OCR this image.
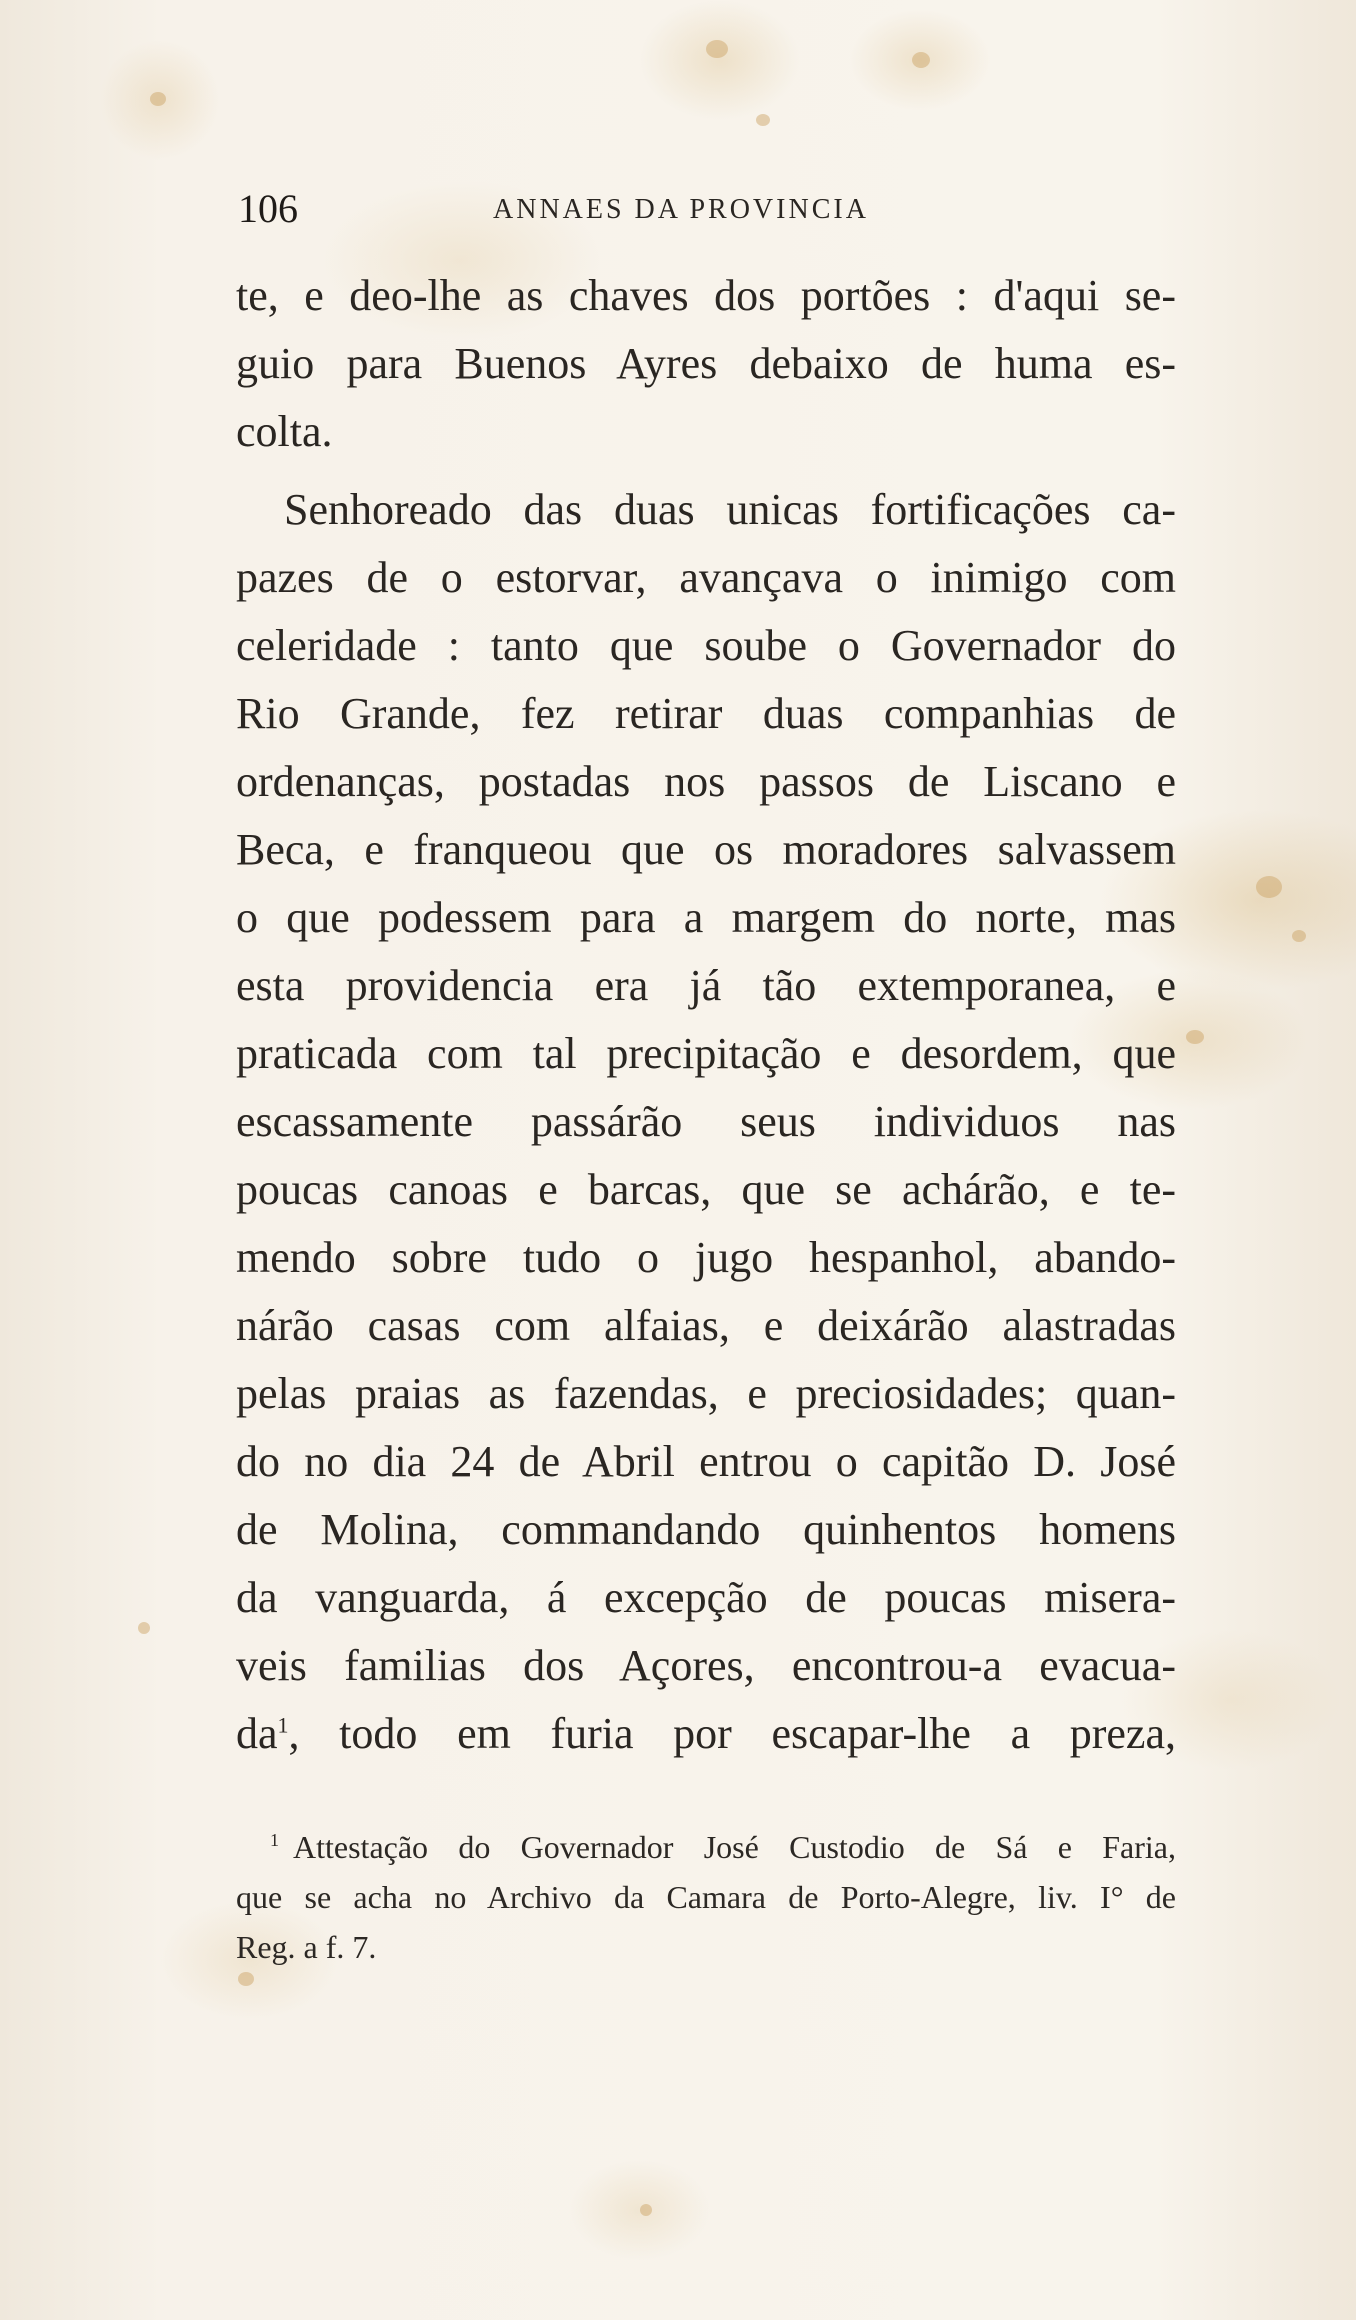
106	ANNAES DA PROVINCIA
te, e deo-lhe as chaves dos portões : d'aqui se-
guio para Buenos Ayres debaixo de huma es-
colta.
Senhoreado das duas unicas fortificações ca-
pazes de o estorvar, avançava o inimigo com
celeridade : tanto que soube o Governador do
Rio Grande, fez retirar duas companhias de
ordenanças, postadas nos passos de Liscano e
Beca, e franqueou que os moradores salvassem
o que podessem para a margem do norte, mas
esta providencia era já tão extemporanea, e
praticada com tal precipitação e desordem, que
escassamente passárão seus individuos nas
poucas canoas e barcas, que se achárão, e te-
mendo sobre tudo o jugo hespanhol, abando-
nárão casas com alfaias, e deixárão alastradas
pelas praias as fazendas, e preciosidades; quan-
do no dia 24 de Abril entrou o capitão D. José
de Molina, commandando quinhentos homens
da vanguarda, á excepção de poucas misera-
veis familias dos Açores, encontrou-a evacua-
da$^1$, todo em furia por escapar-lhe a preza,
$^1$ Attestação do Governador José Custodio de Sá e Faria,
que se acha no Archivo da Camara de Porto-Alegre, liv. I° de
Reg. a f. 7.
